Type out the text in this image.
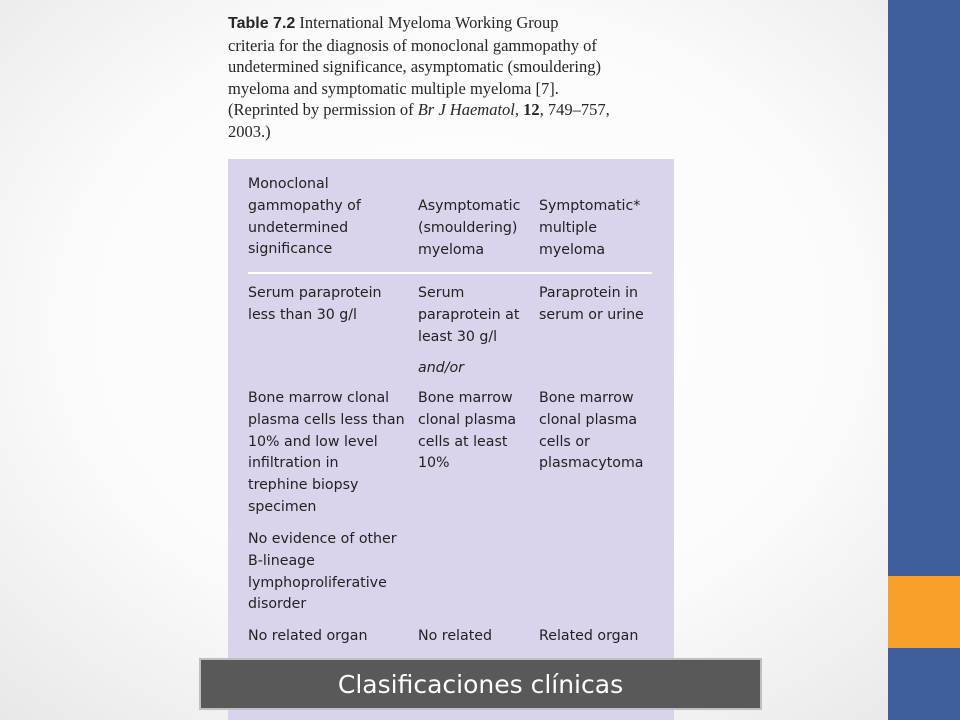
Table 7.2 International Myeloma Working Group
criteria for the diagnosis of monoclonal gammopathy of
undetermined significance, asymptomatic (smouldering)
myeloma and symptomatic multiple myeloma [7].
(Reprinted by permission of Br J Haematol, 12, 749–757,
2003.)
Monoclonal
gammopathy of
undetermined
significance
Asymptomatic
(smouldering)
myeloma
Symptomatic*
multiple
myeloma
Serum paraprotein
less than 30 g/l
Serum
paraprotein at
least 30 g/l
Paraprotein in
serum or urine
and/or
Bone marrow clonal
plasma cells less than
10% and low level
infiltration in
trephine biopsy
specimen
Bone marrow
clonal plasma
cells at least
10%
Bone marrow
clonal plasma
cells or
plasmacytoma
No evidence of other
B-lineage
lymphoproliferative
disorder
No related organ	No related	Related organ
Clasificaciones clínicas
